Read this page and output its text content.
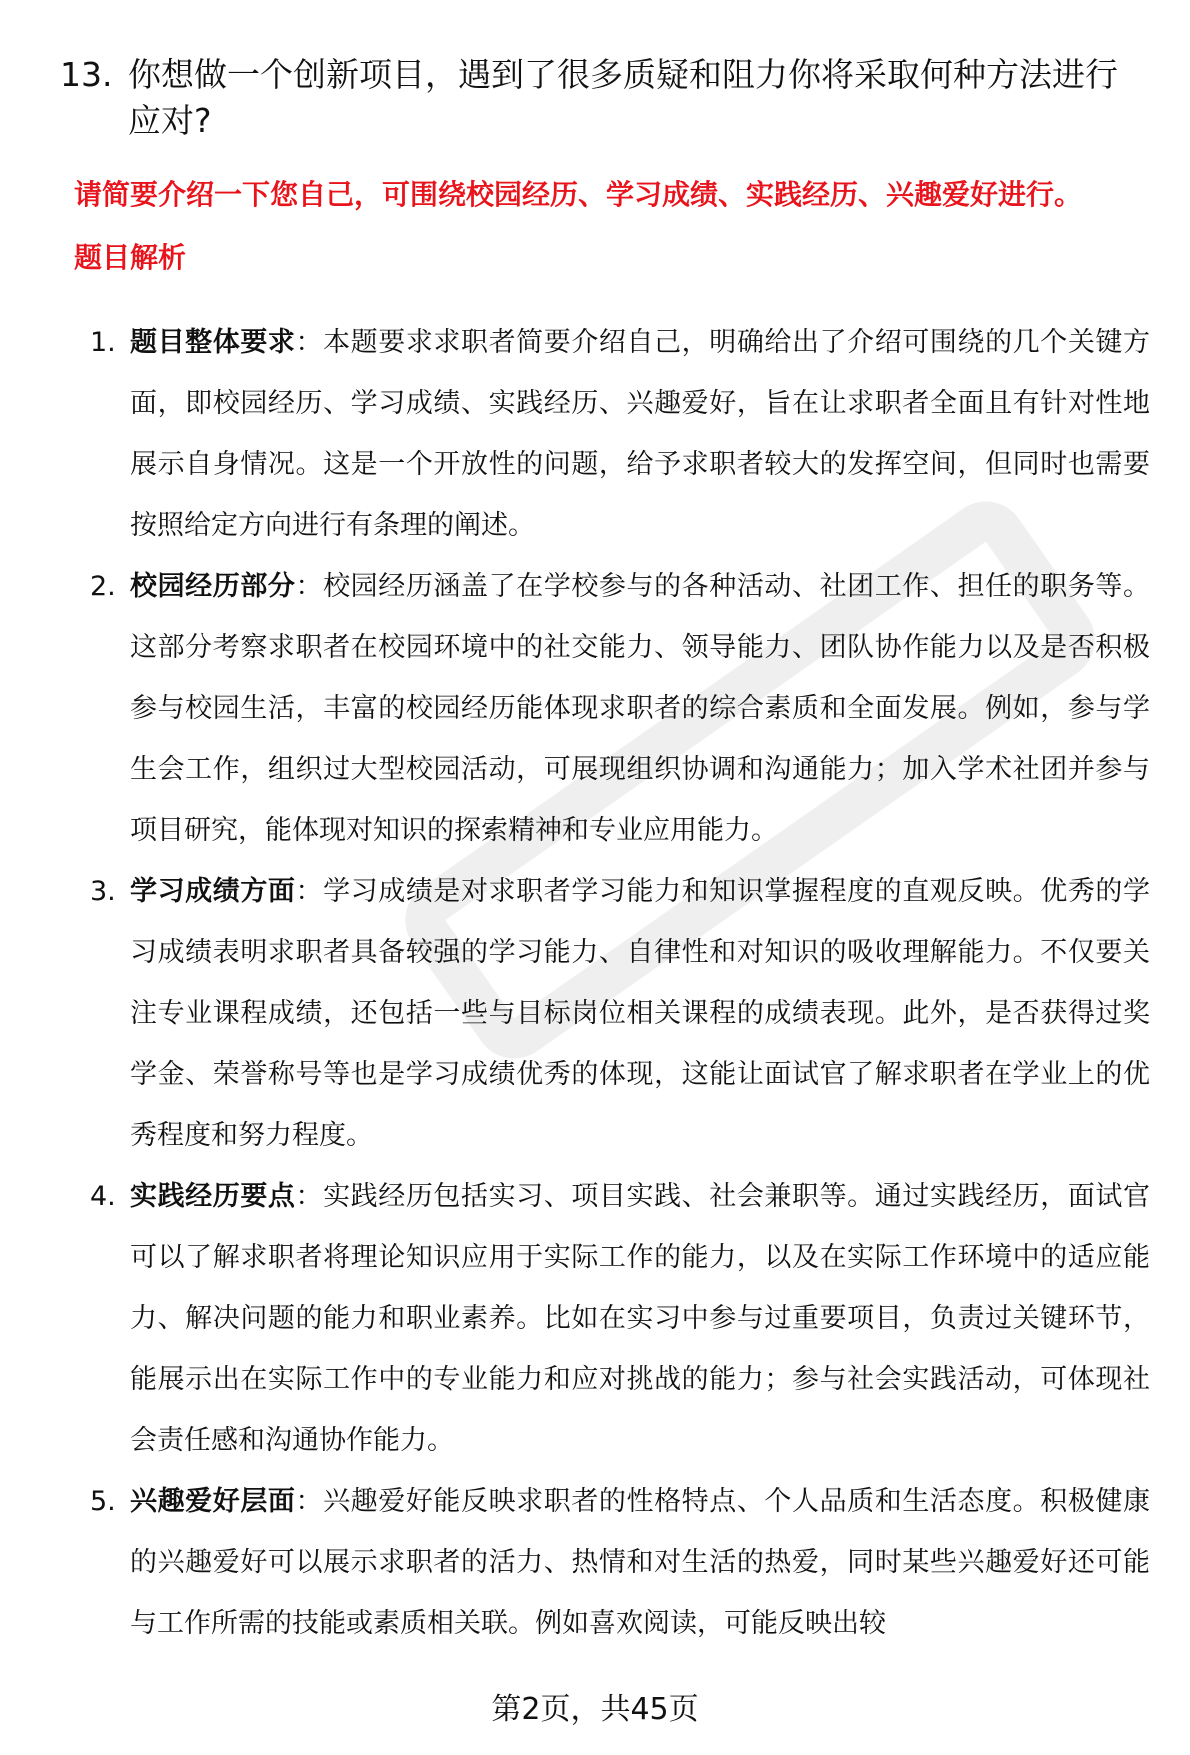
13. 你想做一个创新项目，遇到了很多质疑和阻力你将采取何种方法进行应对?
请简要介绍一下您自己，可围绕校园经历、学习成绩、实践经历、兴趣爱好进行。
题目解析
1. 题目整体要求：本题要求求职者简要介绍自己，明确给出了介绍可围绕的几个关键方面，即校园经历、学习成绩、实践经历、兴趣爱好，旨在让求职者全面且有针对性地展示自身情况。这是一个开放性的问题，给予求职者较大的发挥空间，但同时也需要按照给定方向进行有条理的阐述。
2. 校园经历部分：校园经历涵盖了在学校参与的各种活动、社团工作、担任的职务等。这部分考察求职者在校园环境中的社交能力、领导能力、团队协作能力以及是否积极参与校园生活，丰富的校园经历能体现求职者的综合素质和全面发展。例如，参与学生会工作，组织过大型校园活动，可展现组织协调和沟通能力；加入学术社团并参与项目研究，能体现对知识的探索精神和专业应用能力。
3. 学习成绩方面：学习成绩是对求职者学习能力和知识掌握程度的直观反映。优秀的学习成绩表明求职者具备较强的学习能力、自律性和对知识的吸收理解能力。不仅要关注专业课程成绩，还包括一些与目标岗位相关课程的成绩表现。此外，是否获得过奖学金、荣誉称号等也是学习成绩优秀的体现，这能让面试官了解求职者在学业上的优秀程度和努力程度。
4. 实践经历要点：实践经历包括实习、项目实践、社会兼职等。通过实践经历，面试官可以了解求职者将理论知识应用于实际工作的能力，以及在实际工作环境中的适应能力、解决问题的能力和职业素养。比如在实习中参与过重要项目，负责过关键环节，能展示出在实际工作中的专业能力和应对挑战的能力；参与社会实践活动，可体现社会责任感和沟通协作能力。
5. 兴趣爱好层面：兴趣爱好能反映求职者的性格特点、个人品质和生活态度。积极健康的兴趣爱好可以展示求职者的活力、热情和对生活的热爱，同时某些兴趣爱好还可能与工作所需的技能或素质相关联。例如喜欢阅读，可能反映出较
第2页，共45页
